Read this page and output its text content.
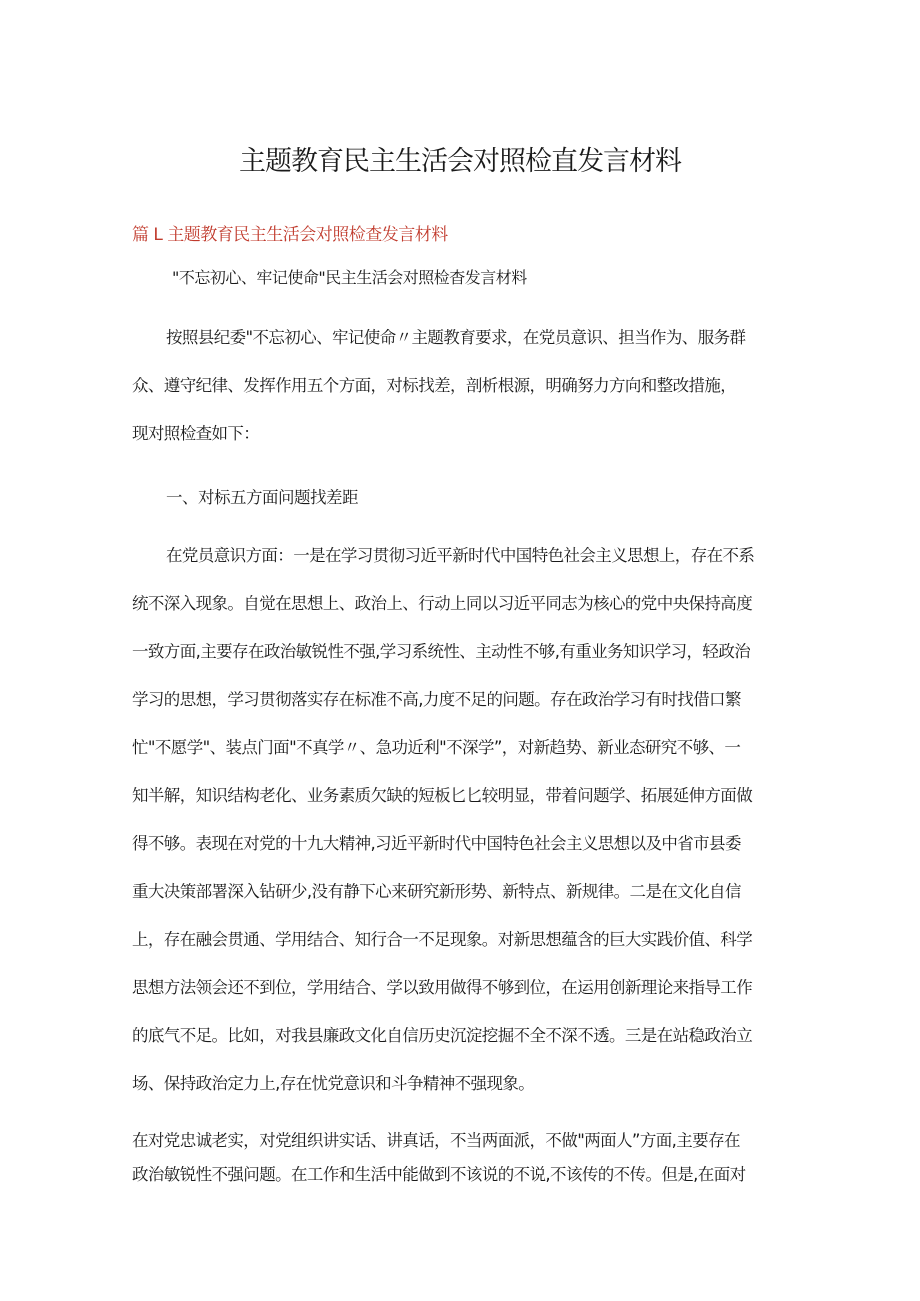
主题教育民主生活会对照检直发言材料
篇 L 主题教育民主生活会对照检查发言材料
"不忘初心、牢记使命"民主生活会对照检杳发言材料
按照县纪委"不忘初心、牢记使命〃主题教育要求，在党员意识、担当作为、服务群
众、遵守纪律、发挥作用五个方面，对标找差，剖析根源，明确努力方向和整改措施，
现对照检查如下：
一、对标五方面问题找差距
在党员意识方面：一是在学习贯彻习近平新时代中国特色社会主义思想上，存在不系
统不深入现象。自觉在思想上、政治上、行动上同以习近平同志为核心的党中央保持高度
一致方面,主要存在政治敏锐性不强,学习系统性、主动性不够,有重业务知识学习，轻政治
学习的思想，学习贯彻落实存在标准不高,力度不足的问题。存在政治学习有时找借口繁
忙"不愿学"、装点门面"不真学〃、急功近利"不深学”，对新趋势、新业态研究不够、一
知半解，知识结构老化、业务素质欠缺的短板匕匕较明显，带着问题学、拓展延伸方面做
得不够。表现在对党的十九大精神,习近平新时代中国特色社会主义思想以及中省市县委
重大决策部署深入钻研少,没有静下心来研究新形势、新特点、新规律。二是在文化自信
上，存在融会贯通、学用结合、知行合一不足现象。对新思想蕴含的巨大实践价值、科学
思想方法领会还不到位，学用结合、学以致用做得不够到位，在运用创新理论来指导工作
的底气不足。比如，对我县廉政文化自信历史沉淀挖掘不全不深不透。三是在站稳政治立
场、保持政治定力上,存在忧党意识和斗争精神不强现象。
在对党忠诚老实，对党组织讲实话、讲真话，不当两面派，不做"两面人”方面,主要存在
政治敏锐性不强问题。在工作和生活中能做到不该说的不说,不该传的不传。但是,在面对
